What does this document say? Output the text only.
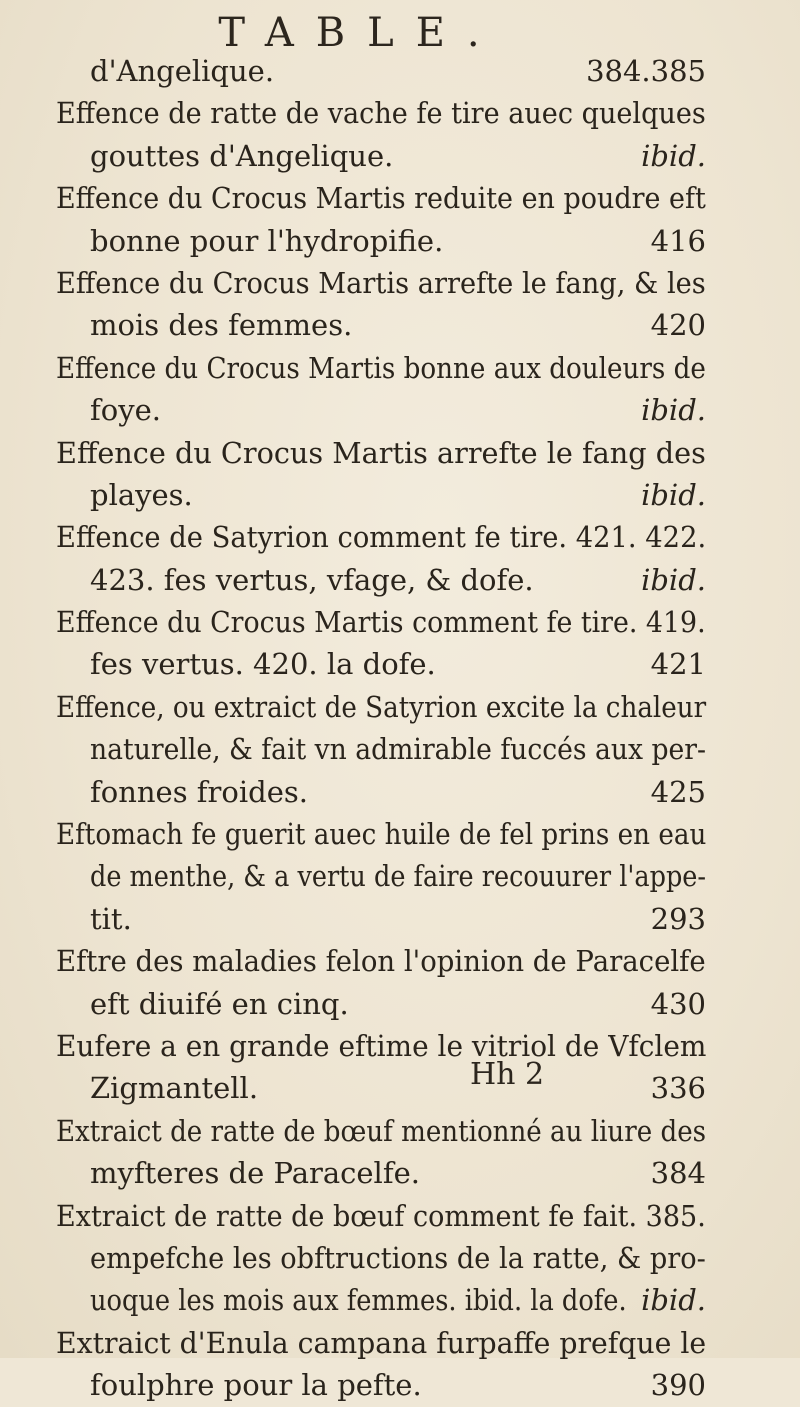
TABLE.
d'Angelique.	384.385
Effence de ratte de vache fe tire auec quelques
gouttes d'Angelique.	ibid.
Effence du Crocus Martis reduite en poudre eft
bonne pour l'hydropifie.	416
Effence du Crocus Martis arrefte le fang, & les
mois des femmes.	420
Effence du Crocus Martis bonne aux douleurs de
foye.	ibid.
Effence du Crocus Martis arrefte le fang des
playes.	ibid.
Effence de Satyrion comment fe tire. 421. 422.
423. fes vertus, vfage, & dofe.	ibid.
Effence du Crocus Martis comment fe tire. 419.
fes vertus. 420. la dofe.	421
Effence, ou extraict de Satyrion excite la chaleur
naturelle, & fait vn admirable fuccés aux per-
fonnes froides.	425
Eftomach fe guerit auec huile de fel prins en eau
de menthe, & a vertu de faire recouurer l'appe-
tit.	293
Eftre des maladies felon l'opinion de Paracelfe
eft diuifé en cinq.	430
Eufere a en grande eftime le vitriol de Vfclem
Zigmantell.	336
Extraict de ratte de bœuf mentionné au liure des
myfteres de Paracelfe.	384
Extraict de ratte de bœuf comment fe fait. 385.
empefche les obftructions de la ratte, & pro-
uoque les mois aux femmes. ibid. la dofe. ibid.
Extraict d'Enula campana furpaffe prefque le
foulphre pour la pefte.	390
Hh 2
